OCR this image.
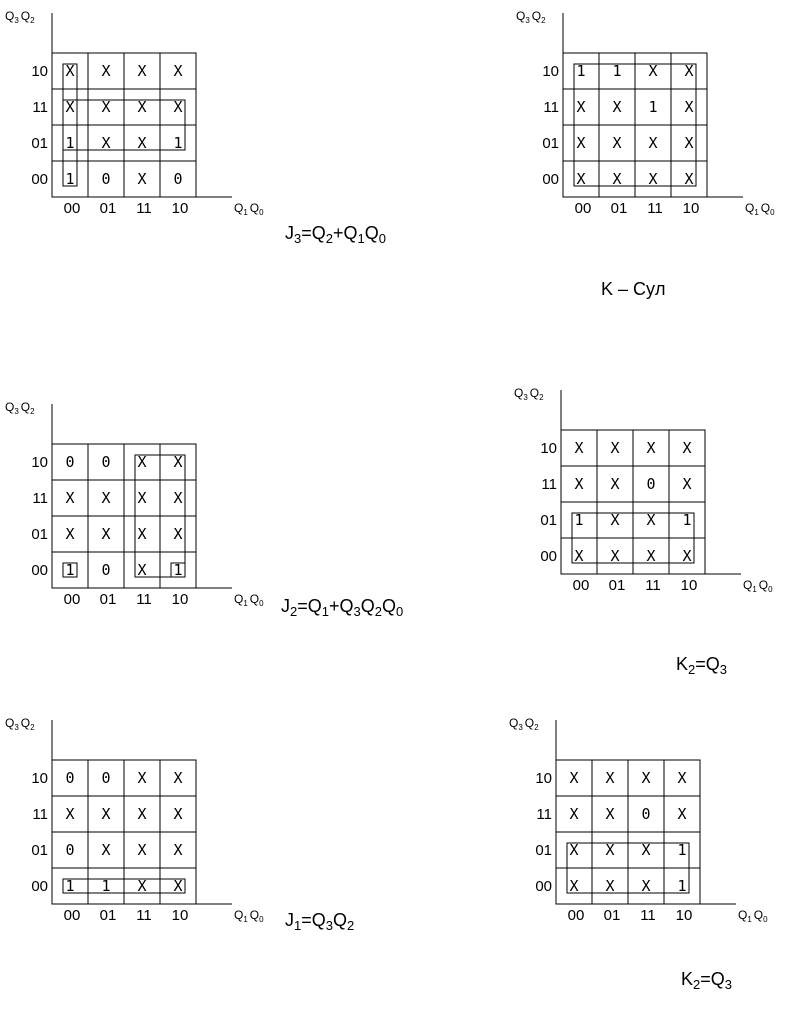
$Q_3$ $Q_2$
$Q_1$ $Q_0$
10
11
01
00
00 01 11 10
X X X X
X X X X
1 X X 1
1 0 X 0
$J_3=Q_2+Q_1Q_0$
$Q_3$ $Q_2$
$Q_1$ $Q_0$
10
11
01
00
00 01 11 10
1 1 X X
X X 1 X
X X X X
X X X X
K – Cyл
$Q_3$ $Q_2$
$Q_1$ $Q_0$
10
11
01
00
00 01 11 10
0 0 X X
X X X X
X X X X
1 0 X 1
$J_2=Q_1+Q_3Q_2Q_0$
$Q_3$ $Q_2$
$Q_1$ $Q_0$
10
11
01
00
00 01 11 10
X X X X
X X 0 X
1 X X 1
X X X X
$K_2=Q_3$
$Q_3$ $Q_2$
$Q_1$ $Q_0$
10
11
01
00
00 01 11 10
0 0 X X
X X X X
0 X X X
1 1 X X
$J_1=Q_3Q_2$
$Q_3$ $Q_2$
$Q_1$ $Q_0$
10
11
01
00
00 01 11 10
X X X X
X X 0 X
X X X 1
X X X 1
$K_2=Q_3$
